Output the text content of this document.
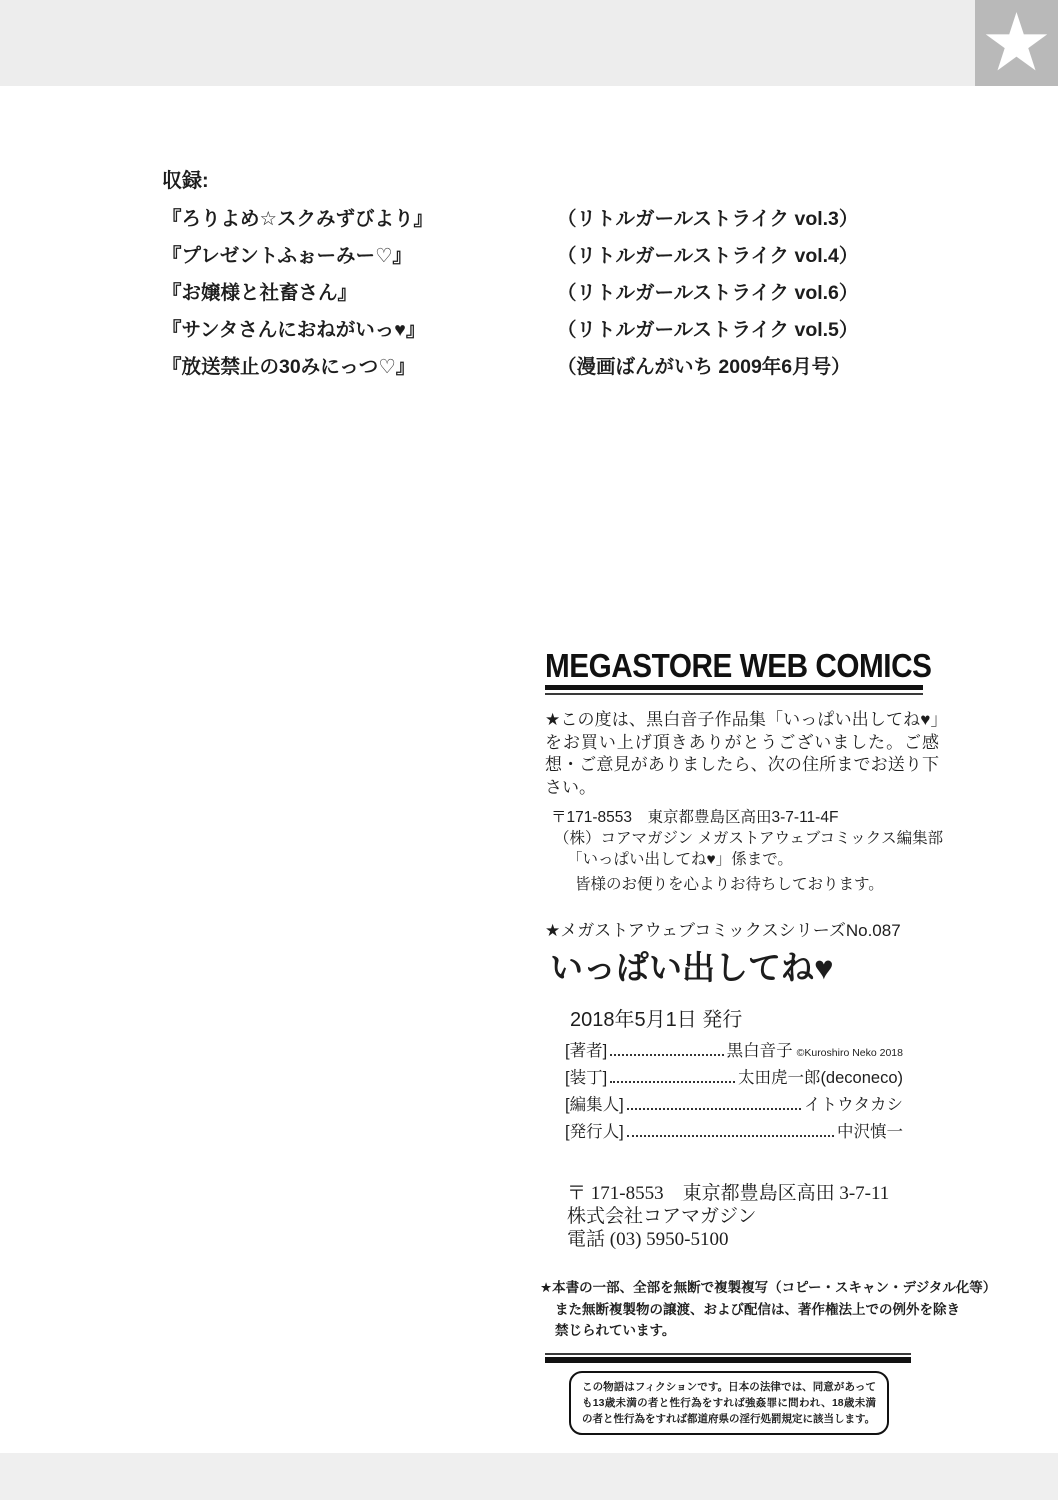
★
収録:
『ろりよめ☆スクみずびより』	（リトルガールストライク vol.3）
『プレゼントふぉーみー♡』	（リトルガールストライク vol.4）
『お嬢様と社畜さん』	（リトルガールストライク vol.6）
『サンタさんにおねがいっ♥』	（リトルガールストライク vol.5）
『放送禁止の30みにっつ♡』	（漫画ばんがいち 2009年6月号）
MEGASTORE WEB COMICS
★この度は、黒白音子作品集「いっぱい出してね♥」をお買い上げ頂きありがとうございました。ご感想・ご意見がありましたら、次の住所までお送り下さい。
〒171-8553　東京都豊島区高田3-7-11-4F
（株）コアマガジン メガストアウェブコミックス編集部
「いっぱい出してね♥」係まで。
皆様のお便りを心よりお待ちしております。
★メガストアウェブコミックスシリーズNo.087
いっぱい出してね♥
2018年5月1日 発行
[著者]	黒白音子 ©Kuroshiro Neko 2018
[装丁]	太田虎一郎(deconeco)
[編集人]	イトウタカシ
[発行人]	中沢慎一
〒 171-8553　東京都豊島区高田 3-7-11
株式会社コアマガジン
電話 (03) 5950-5100
★本書の一部、全部を無断で複製複写（コピー・スキャン・デジタル化等）
また無断複製物の譲渡、および配信は、著作権法上での例外を除き
禁じられています。
この物語はフィクションです。日本の法律では、同意があっても13歳未満の者と性行為をすれば強姦罪に問われ、18歳未満の者と性行為をすれば都道府県の淫行処罰規定に該当します。
